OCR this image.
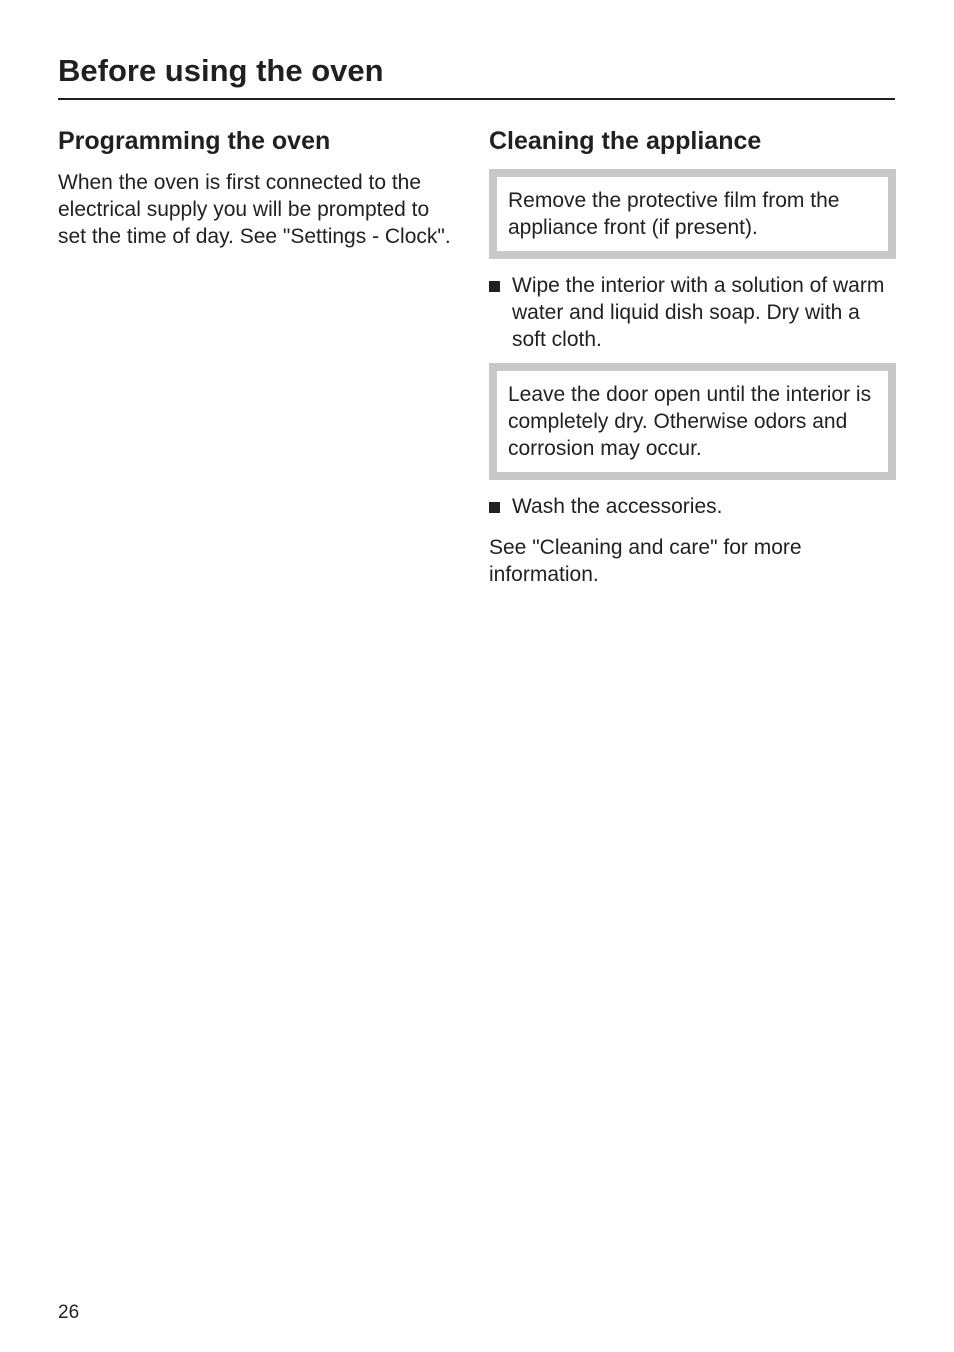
Before using the oven
Programming the oven

When the oven is first connected to the electrical supply you will be prompted to set the time of day. See "Settings - Clock".

Cleaning the appliance
Remove the protective film from the appliance front (if present).
Wipe the interior with a solution of warm water and liquid dish soap. Dry with a soft cloth.
Leave the door open until the interior is completely dry. Otherwise odors and corrosion may occur.
Wash the accessories.

See "Cleaning and care" for more information.

26
